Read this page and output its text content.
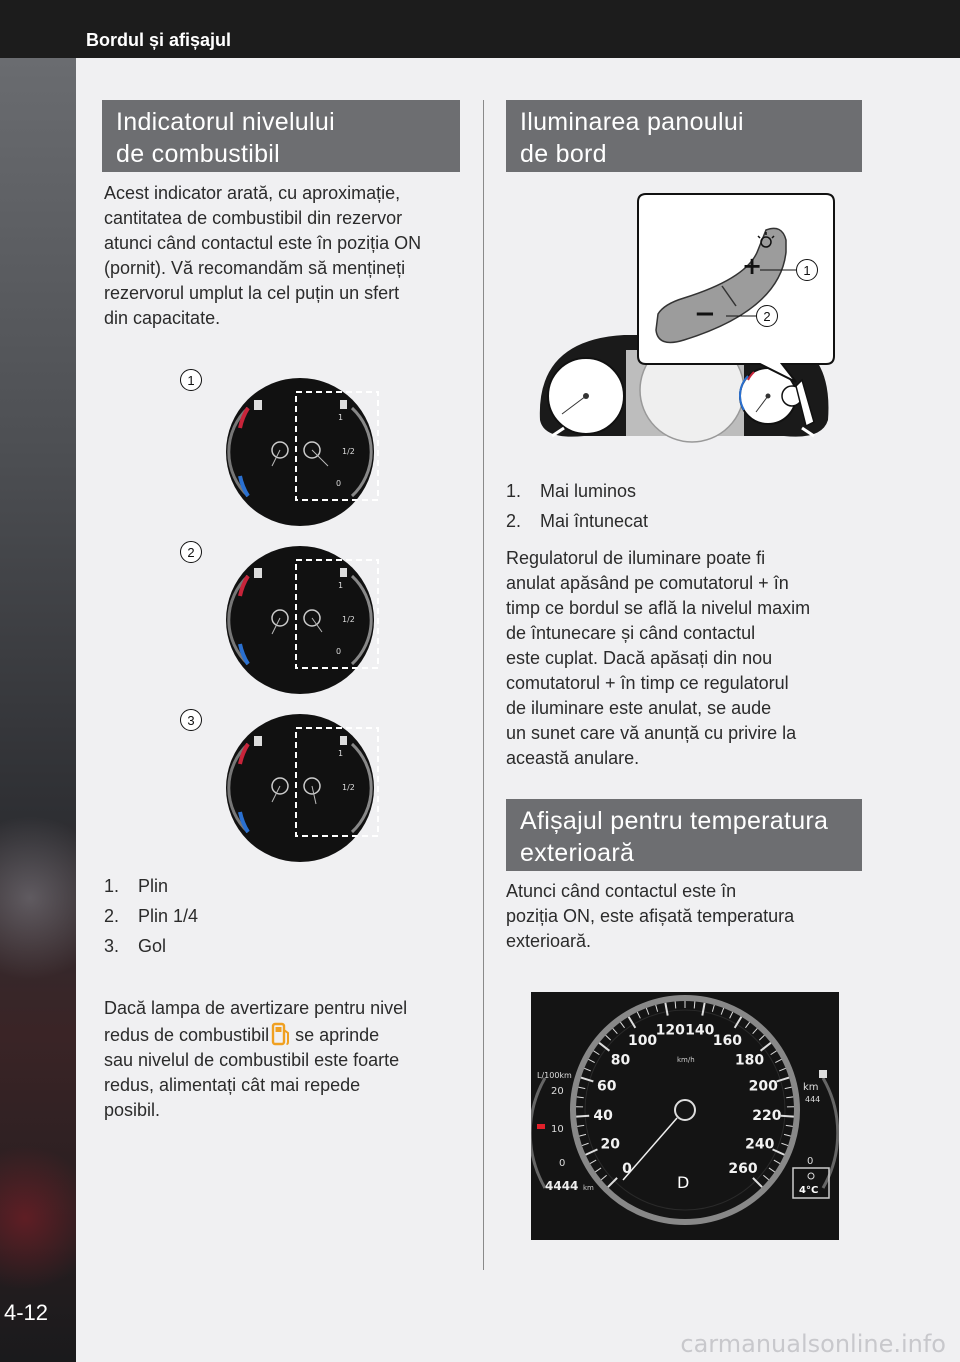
Bordul și afișajul
4-12
Indicatorul nivelului
de combustibil
Acest indicator arată, cu aproximație,
cantitatea de combustibil din rezervor
atunci când contactul este în poziția ON
(pornit). Vă recomandăm să mențineți
rezervorul umplut la cel puțin un sfert
din capacitate.
1
1
1/2
0
2
1
1/2
0
3
1
1/2
1.	Plin
2.	Plin 1/4
3.	Gol
Dacă lampa de avertizare pentru nivel
redus de combustibil se aprinde
sau nivelul de combustibil este foarte
redus, alimentați cât mai repede
posibil.
Iluminarea panoului
de bord
+
−
1
2
1.	Mai luminos
2.	Mai întunecat
Regulatorul de iluminare poate fi
anulat apăsând pe comutatorul + în
timp ce bordul se află la nivelul maxim
de întunecare și când contactul
este cuplat. Dacă apăsați din nou
comutatorul + în timp ce regulatorul
de iluminare este anulat, se aude
un sunet care vă anunță cu privire la
această anulare.
Afișajul pentru temperatura
exterioară
Atunci când contactul este în
poziția ON, este afișată temperatura
exterioară.
L/100km
20
10
0
4444 km
km
444
0
4°C
0
20
40
60
80
100
120 140
160
180
200
220
240
260
km/h
D
carmanualsonline.info
